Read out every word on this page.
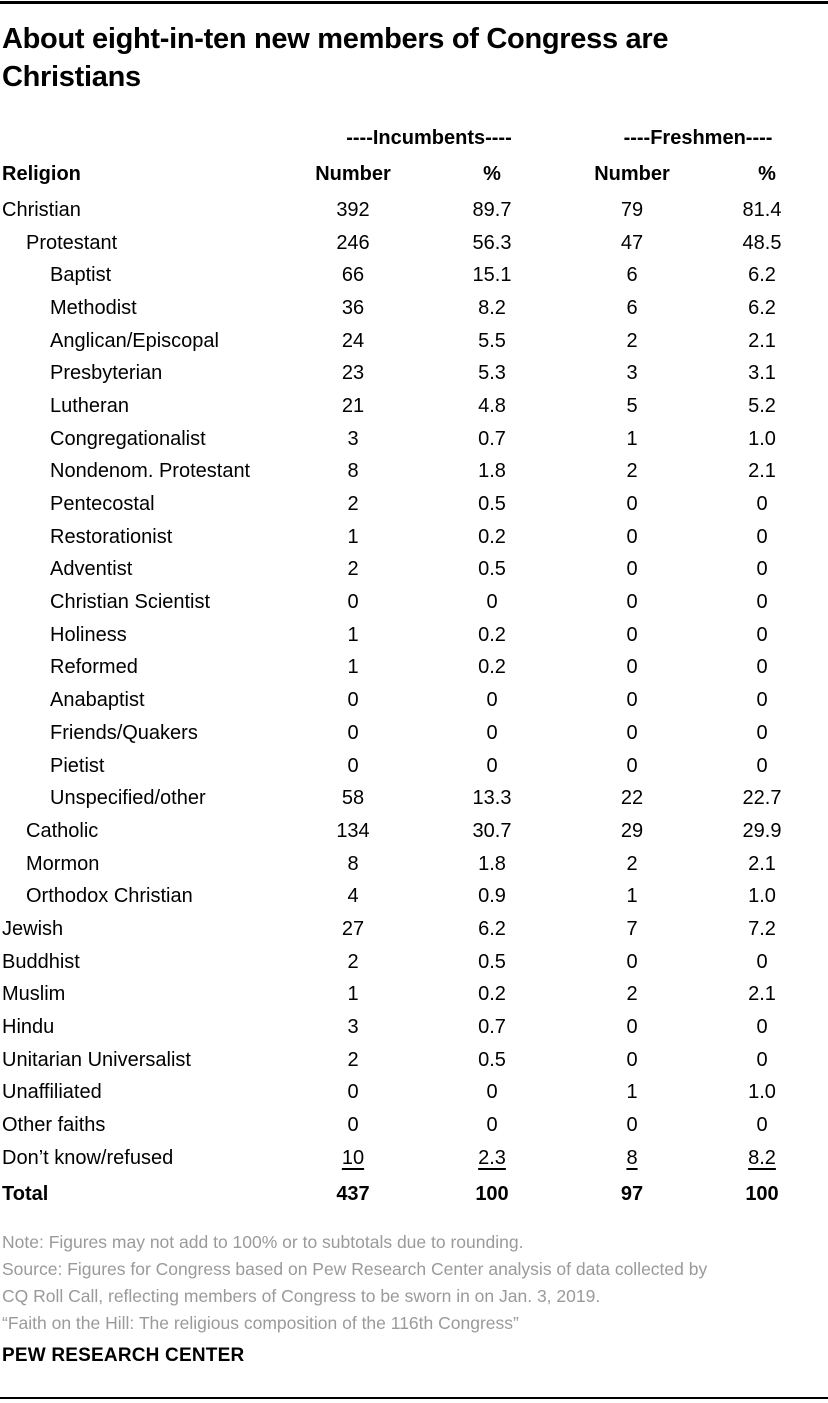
About eight-in-ten new members of Congress are Christians
	----Incumbents----		----Freshmen----	
Religion	Number	%	Number	%
Christian	392	89.7	79	81.4
Protestant	246	56.3	47	48.5
Baptist	66	15.1	6	6.2
Methodist	36	8.2	6	6.2
Anglican/Episcopal	24	5.5	2	2.1
Presbyterian	23	5.3	3	3.1
Lutheran	21	4.8	5	5.2
Congregationalist	3	0.7	1	1.0
Nondenom. Protestant	8	1.8	2	2.1
Pentecostal	2	0.5	0	0
Restorationist	1	0.2	0	0
Adventist	2	0.5	0	0
Christian Scientist	0	0	0	0
Holiness	1	0.2	0	0
Reformed	1	0.2	0	0
Anabaptist	0	0	0	0
Friends/Quakers	0	0	0	0
Pietist	0	0	0	0
Unspecified/other	58	13.3	22	22.7
Catholic	134	30.7	29	29.9
Mormon	8	1.8	2	2.1
Orthodox Christian	4	0.9	1	1.0
Jewish	27	6.2	7	7.2
Buddhist	2	0.5	0	0
Muslim	1	0.2	2	2.1
Hindu	3	0.7	0	0
Unitarian Universalist	2	0.5	0	0
Unaffiliated	0	0	1	1.0
Other faiths	0	0	0	0
Don’t know/refused	10	2.3	8	8.2
Total	437	100	97	100
Note: Figures may not add to 100% or to subtotals due to rounding.
Source: Figures for Congress based on Pew Research Center analysis of data collected by
CQ Roll Call, reflecting members of Congress to be sworn in on Jan. 3, 2019.
“Faith on the Hill: The religious composition of the 116th Congress”
PEW RESEARCH CENTER
